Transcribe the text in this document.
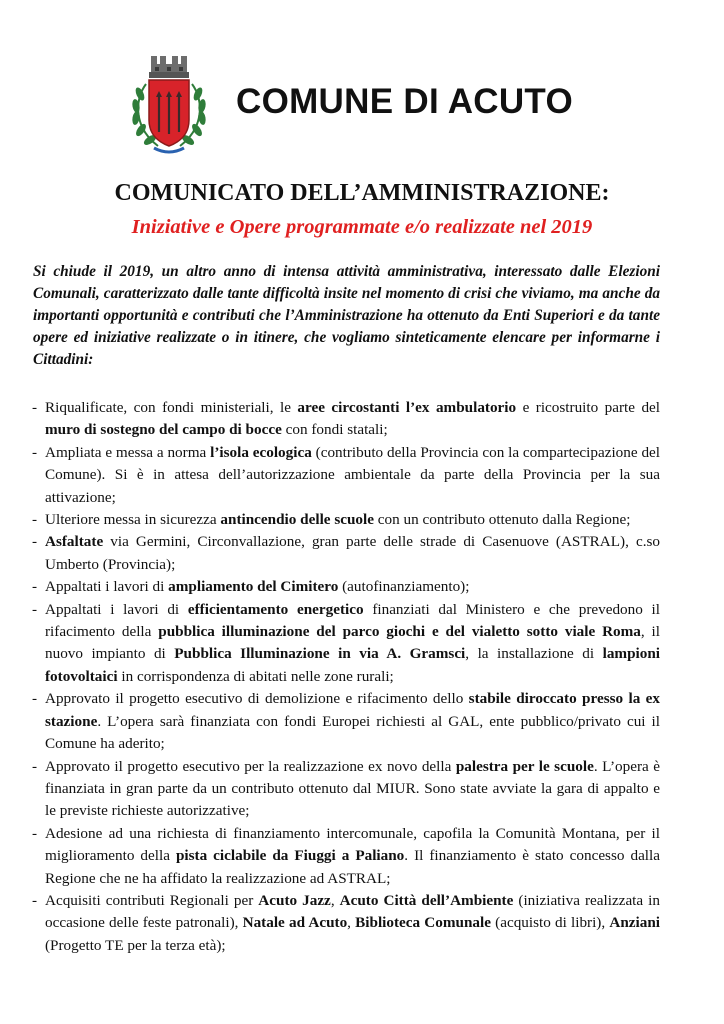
COMUNE DI ACUTO
COMUNICATO DELL’AMMINISTRAZIONE:
Iniziative e Opere programmate e/o realizzate nel 2019
Si chiude il 2019, un altro anno di intensa attività amministrativa, interessato dalle Elezioni Comunali, caratterizzato dalle tante difficoltà insite nel momento di crisi che viviamo, ma anche da importanti opportunità e contributi che l’Amministrazione ha ottenuto da Enti Superiori e da tante opere ed iniziative realizzate o in itinere, che vogliamo sinteticamente elencare per informarne i Cittadini:
- Riqualificate, con fondi ministeriali, le aree circostanti l’ex ambulatorio e ricostruito parte del muro di sostegno del campo di bocce con fondi statali;
- Ampliata e messa a norma l’isola ecologica (contributo della Provincia con la compartecipazione del Comune). Si è in attesa dell’autorizzazione ambientale da parte della Provincia per la sua attivazione;
- Ulteriore messa in sicurezza antincendio delle scuole con un contributo ottenuto dalla Regione;
- Asfaltate via Germini, Circonvallazione, gran parte delle strade di Casenuove (ASTRAL), c.so Umberto (Provincia);
- Appaltati i lavori di ampliamento del Cimitero (autofinanziamento);
- Appaltati i lavori di efficientamento energetico finanziati dal Ministero e che prevedono il rifacimento della pubblica illuminazione del parco giochi e del vialetto sotto viale Roma, il nuovo impianto di Pubblica Illuminazione in via A. Gramsci, la installazione di lampioni fotovoltaici in corrispondenza di abitati nelle zone rurali;
- Approvato il progetto esecutivo di demolizione e rifacimento dello stabile diroccato presso la ex stazione. L’opera sarà finanziata con fondi Europei richiesti al GAL, ente pubblico/privato cui il Comune ha aderito;
- Approvato il progetto esecutivo per la realizzazione ex novo della palestra per le scuole. L’opera è finanziata in gran parte da un contributo ottenuto dal MIUR. Sono state avviate la gara di appalto e le previste richieste autorizzative;
- Adesione ad una richiesta di finanziamento intercomunale, capofila la Comunità Montana, per il miglioramento della pista ciclabile da Fiuggi a Paliano. Il finanziamento è stato concesso dalla Regione che ne ha affidato la realizzazione ad ASTRAL;
- Acquisiti contributi Regionali per Acuto Jazz, Acuto Città dell’Ambiente (iniziativa realizzata in occasione delle feste patronali), Natale ad Acuto, Biblioteca Comunale (acquisto di libri), Anziani (Progetto TE per la terza età);
